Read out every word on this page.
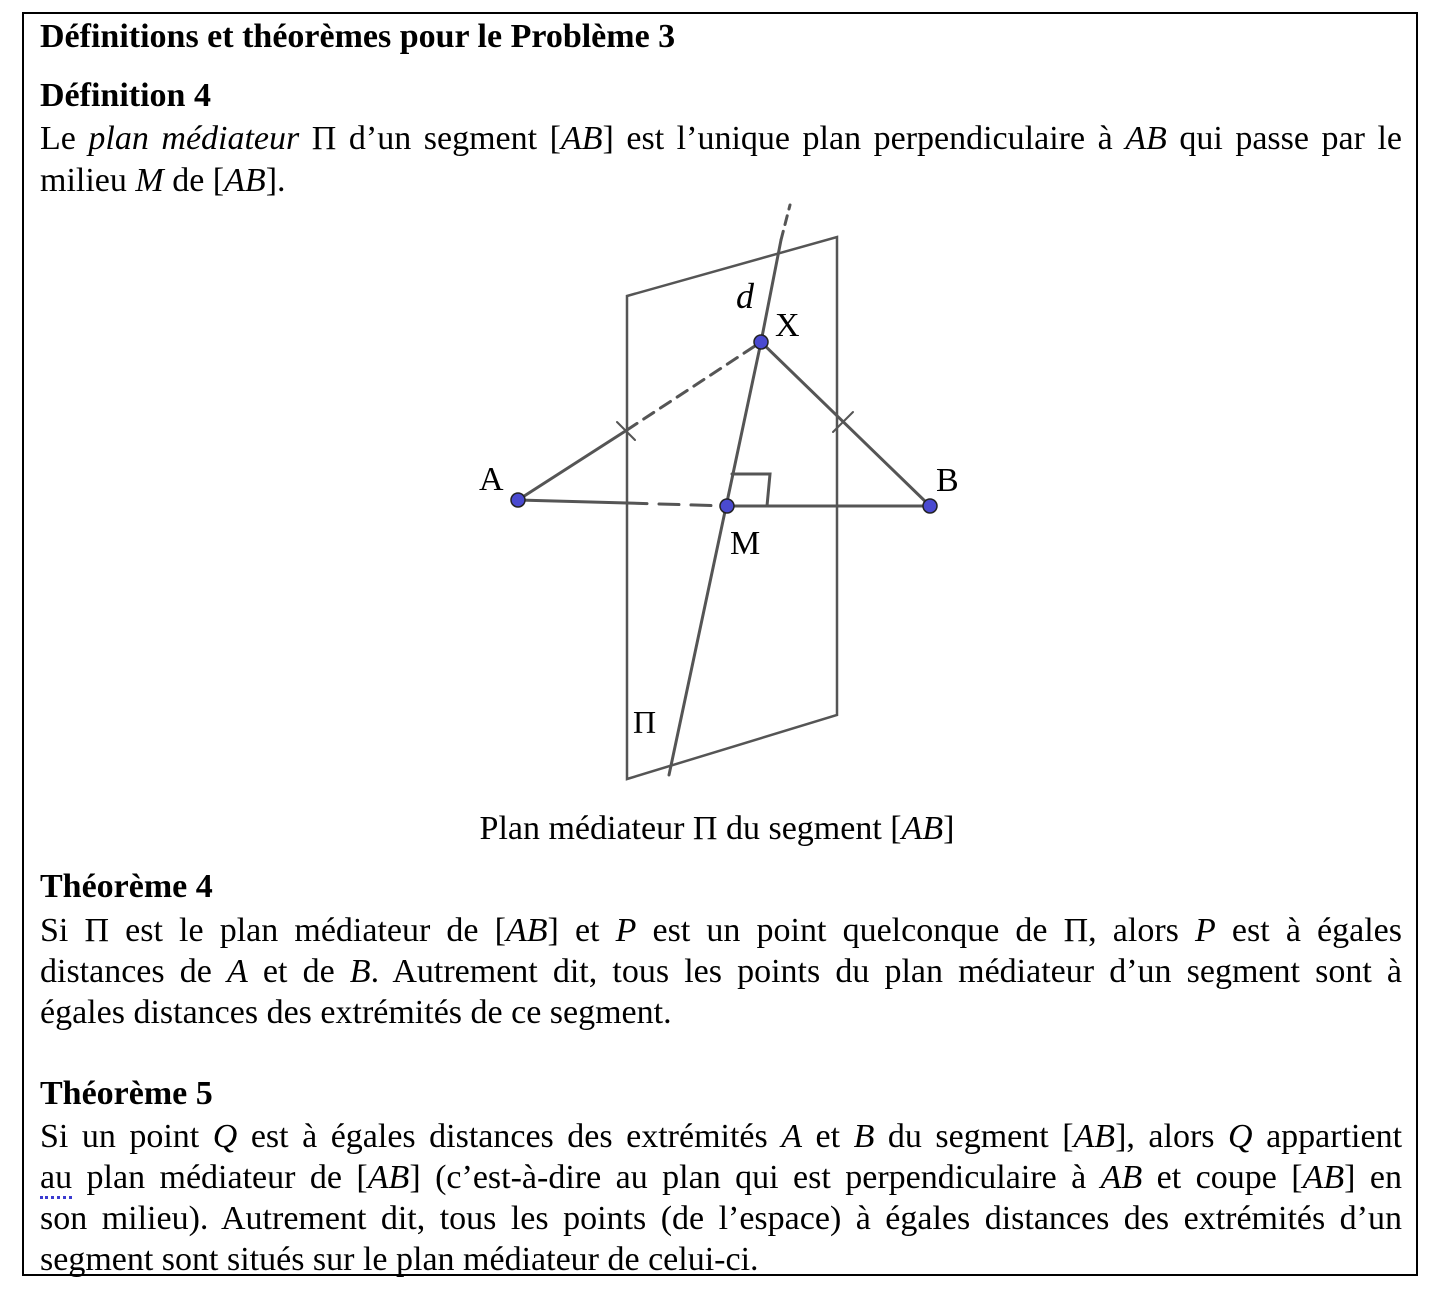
Définitions et théorèmes pour le Problème 3
Définition 4
Le plan médiateur Π d’un segment [AB] est l’unique plan perpendiculaire à AB qui passe par le
milieu M de [AB].
d
X
A	B
M
Π
Plan médiateur Π du segment [AB]
Théorème 4
Si Π est le plan médiateur de [AB] et P est un point quelconque de Π, alors P est à égales
distances de A et de B. Autrement dit, tous les points du plan médiateur d’un segment sont à
égales distances des extrémités de ce segment.
Théorème 5
Si un point Q est à égales distances des extrémités A et B du segment [AB], alors Q appartient
au plan médiateur de [AB] (c’est-à-dire au plan qui est perpendiculaire à AB et coupe [AB] en
son milieu). Autrement dit, tous les points (de l’espace) à égales distances des extrémités d’un
segment sont situés sur le plan médiateur de celui-ci.
